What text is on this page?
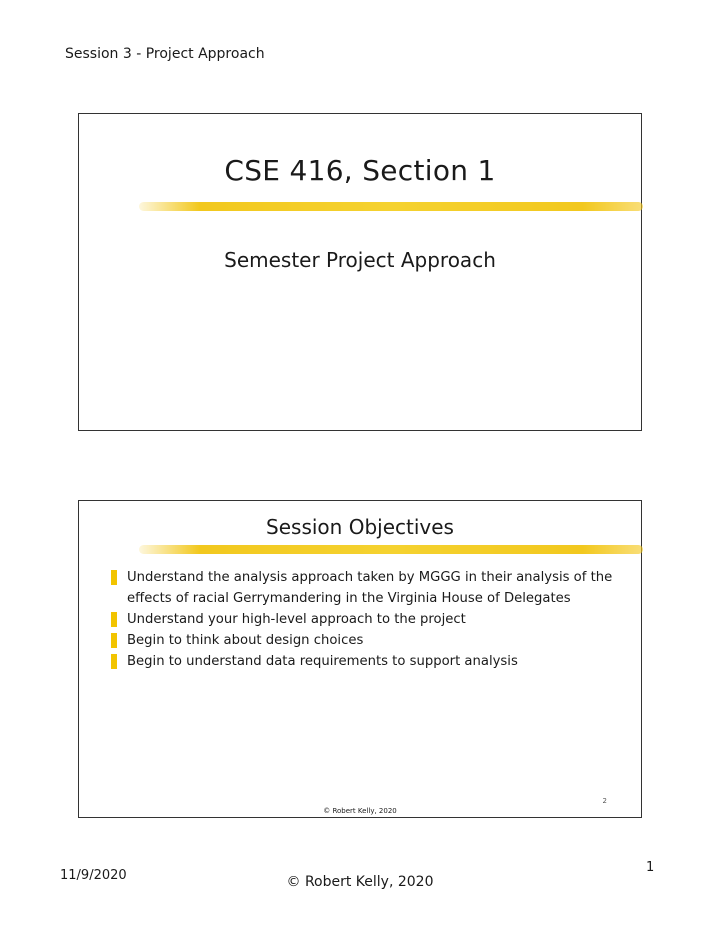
Session 3 - Project Approach
CSE 416, Section 1
Semester Project Approach
Session Objectives
Understand the analysis approach taken by MGGG in their analysis of the effects of racial Gerrymandering in the Virginia House of Delegates
Understand your high-level approach to the project
Begin to think about design choices
Begin to understand data requirements to support analysis
2
© Robert Kelly, 2020
11/9/2020	© Robert Kelly, 2020
1
